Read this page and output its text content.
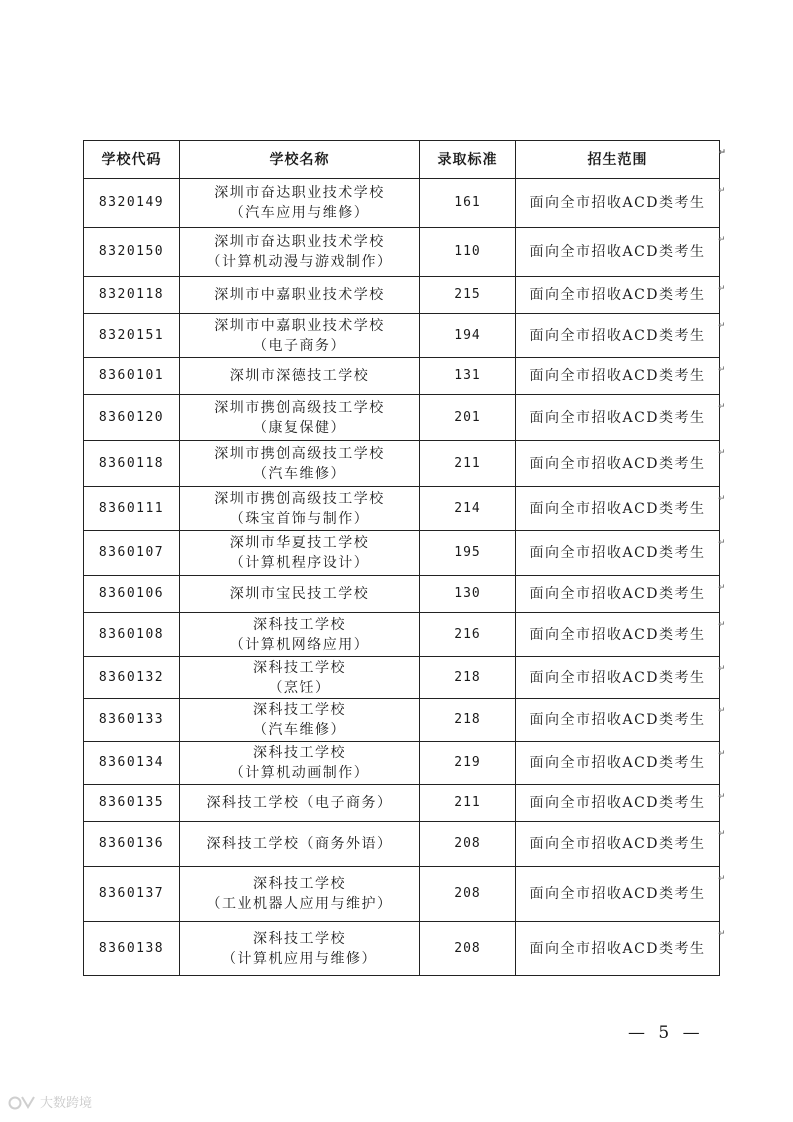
学校代码	学校名称	录取标准	招生范围 ↵

8320149	深圳市奋达职业技术学校
（汽车应用与维修）	161	面向全市招收ACD类考生
↵

8320150	深圳市奋达职业技术学校
（计算机动漫与游戏制作）	110	面向全市招收ACD类考生
↵

8320118	深圳市中嘉职业技术学校	215	面向全市招收ACD类考生 ↵

8320151	深圳市中嘉职业技术学校
（电子商务）	194	面向全市招收ACD类考生
↵

8360101	深圳市深德技工学校	131	面向全市招收ACD类考生 ↵

8360120	深圳市携创高级技工学校
（康复保健）	201	面向全市招收ACD类考生
↵

8360118	深圳市携创高级技工学校
（汽车维修）	211	面向全市招收ACD类考生
↵

8360111	深圳市携创高级技工学校
（珠宝首饰与制作）	214	面向全市招收ACD类考生
↵

8360107	深圳市华夏技工学校
（计算机程序设计）	195	面向全市招收ACD类考生
↵

8360106	深圳市宝民技工学校	130	面向全市招收ACD类考生 ↵

8360108	深科技工学校
（计算机网络应用）	216	面向全市招收ACD类考生
↵

8360132	深科技工学校
（烹饪）	218	面向全市招收ACD类考生
↵

8360133	深科技工学校
（汽车维修）	218	面向全市招收ACD类考生
↵

8360134	深科技工学校
（计算机动画制作）	219	面向全市招收ACD类考生
↵

8360135	深科技工学校（电子商务）	211	面向全市招收ACD类考生 ↵

8360136	深科技工学校（商务外语）	208	面向全市招收ACD类考生
↵

8360137	深科技工学校
（工业机器人应用与维护）	208	面向全市招收ACD类考生
↵

8360138	深科技工学校
（计算机应用与维修）	208	面向全市招收ACD类考生
↵
— 5 —
大数跨境
